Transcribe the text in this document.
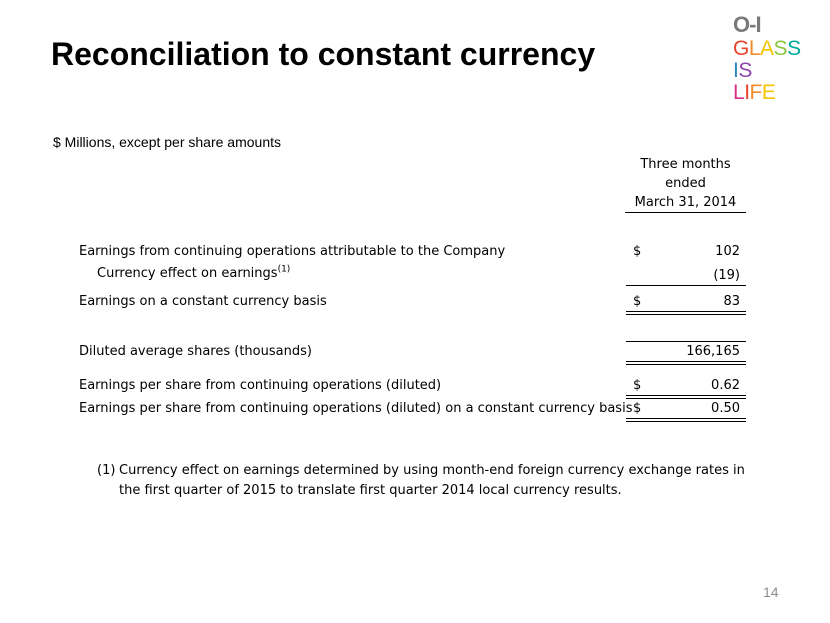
Reconciliation to constant currency
O-I
GLASS
IS
LIFE
$ Millions, except per share amounts
Three months
ended
March 31, 2014
Earnings from continuing operations attributable to the Company	$	102
Currency effect on earnings$^{(1)}$	(19)
Earnings on a constant currency basis	$	83
Diluted average shares (thousands)	166,165
Earnings per share from continuing operations (diluted)	$	0.62
Earnings per share from continuing operations (diluted) on a constant currency basis $	0.50
(1) Currency effect on earnings determined by using month-end foreign currency exchange rates in
the first quarter of 2015 to translate first quarter 2014 local currency results.
14
